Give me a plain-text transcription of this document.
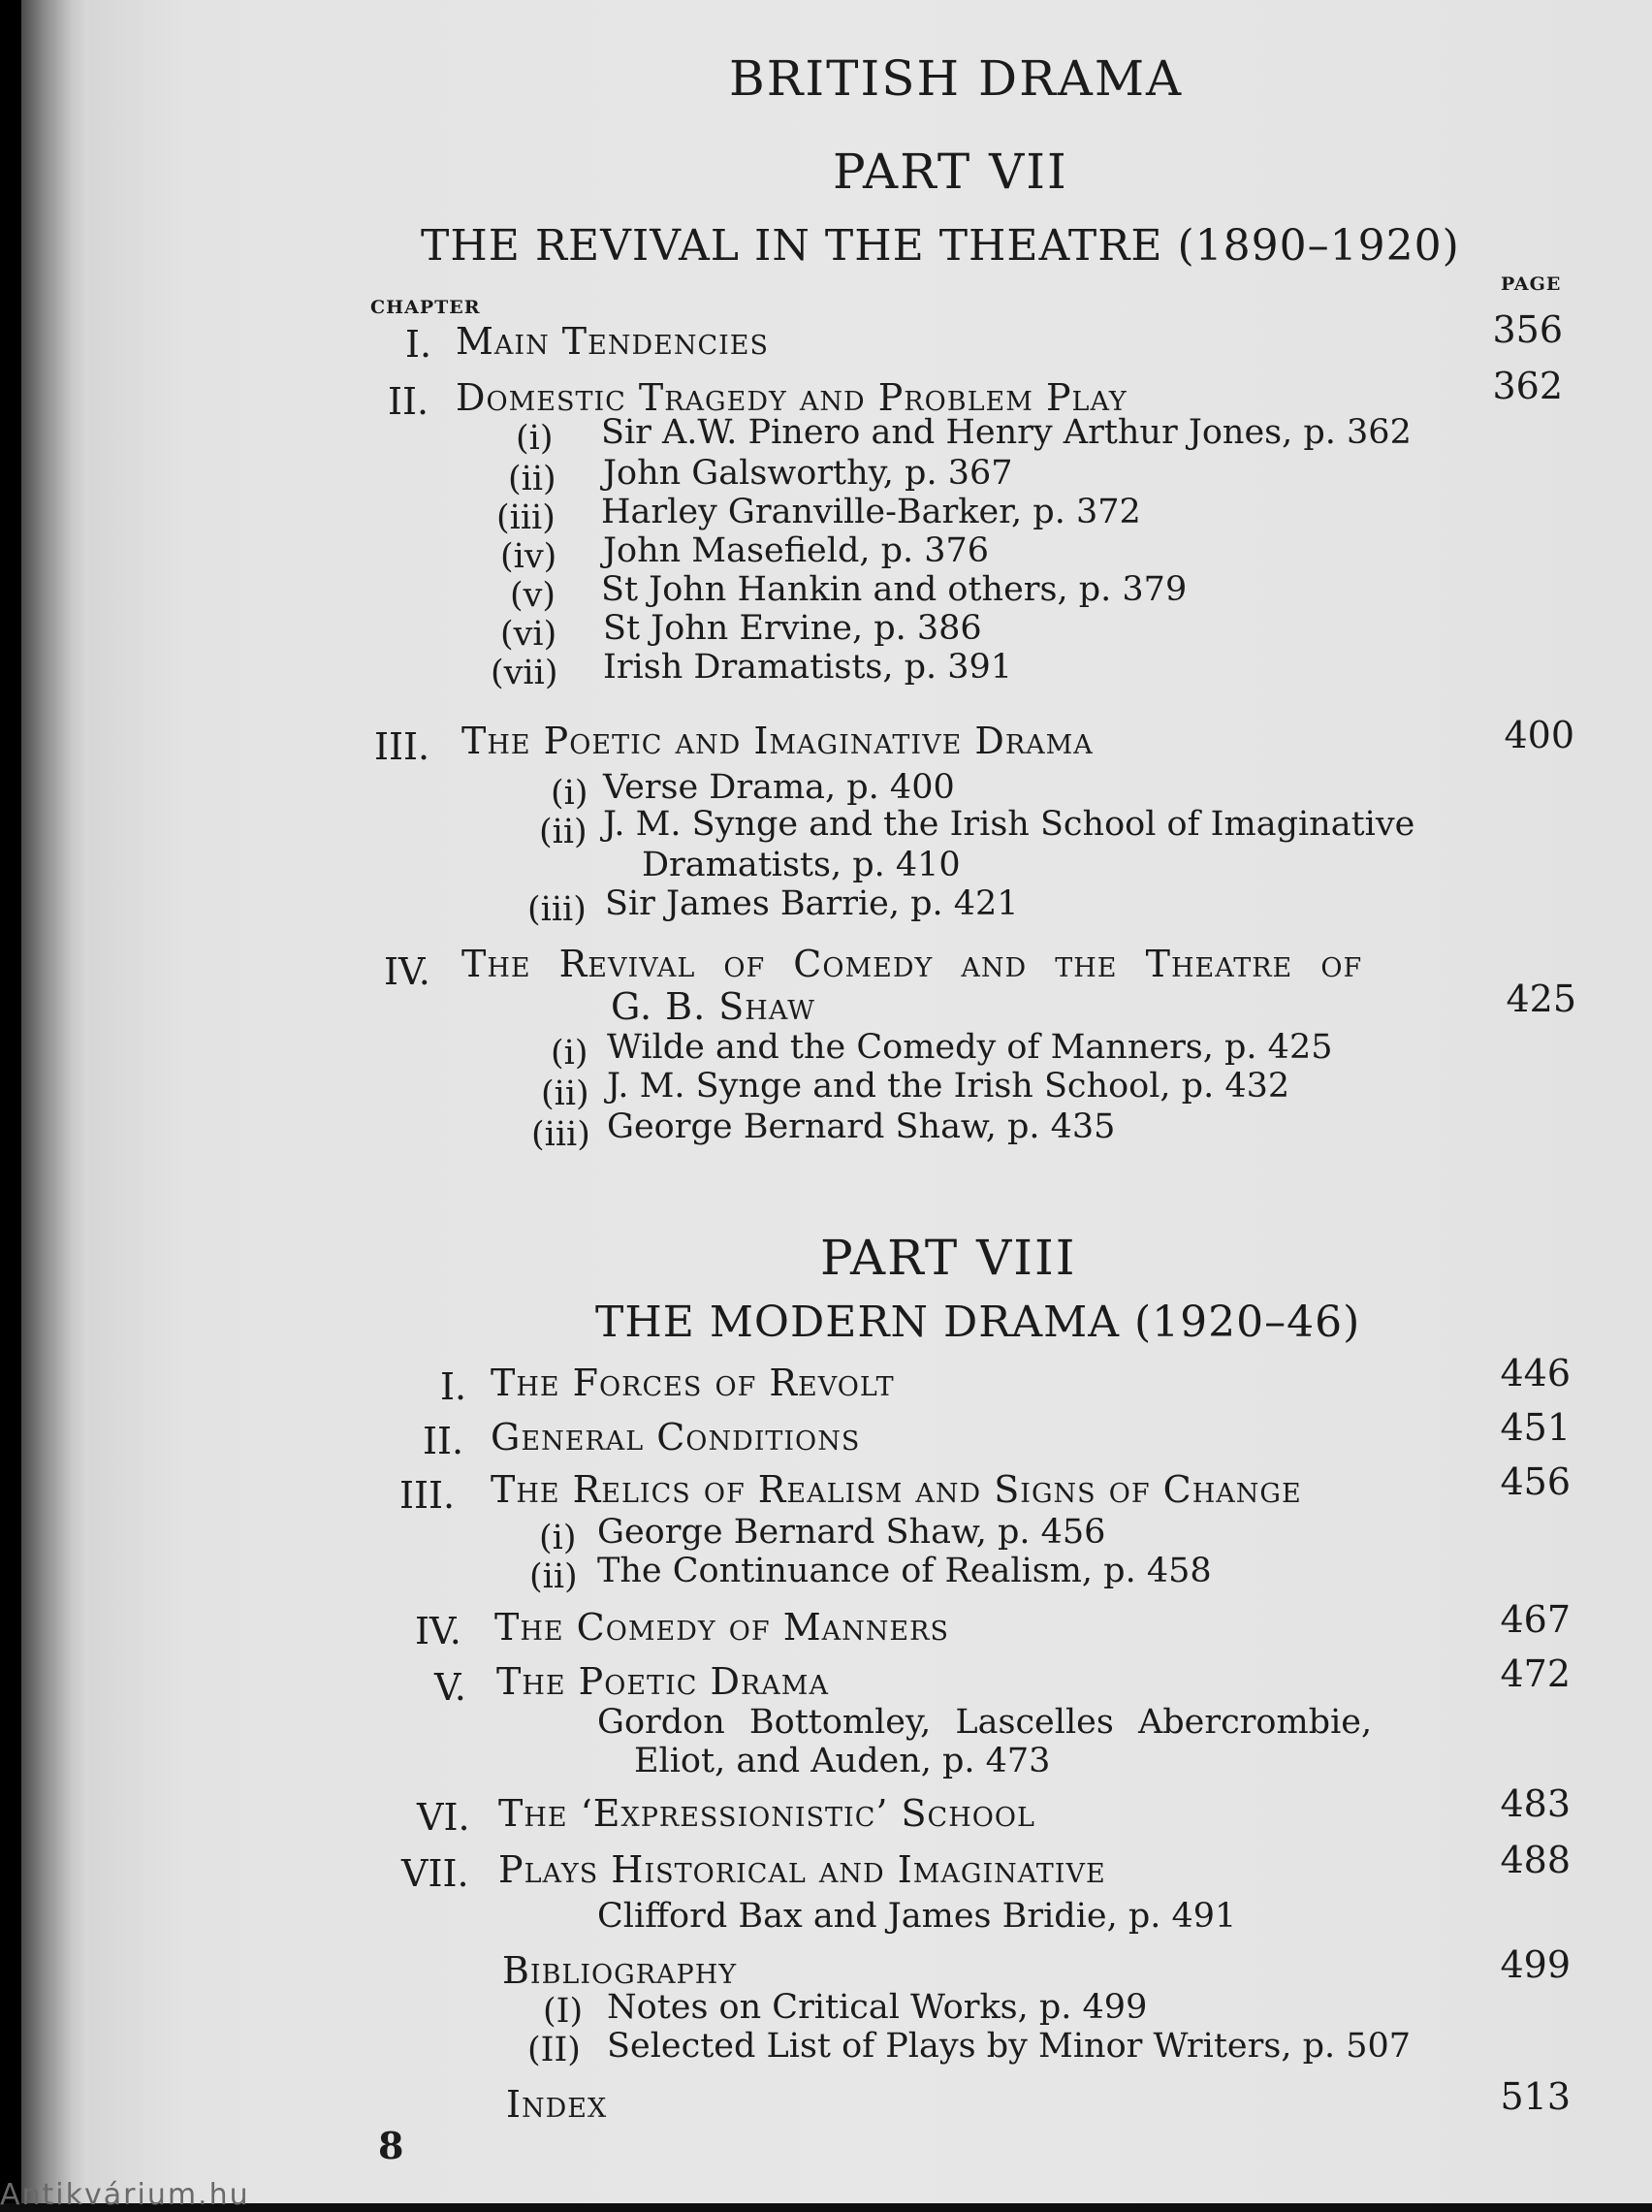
BRITISH DRAMA
PART VII
THE REVIVAL IN THE THEATRE (1890–1920)
CHAPTER
PAGE
I. Main Tendencies	356
II. Domestic Tragedy and Problem Play	362
(i) Sir A.W. Pinero and Henry Arthur Jones, p. 362
(ii) John Galsworthy, p. 367
(iii) Harley Granville-Barker, p. 372
(iv) John Masefield, p. 376
(v) St John Hankin and others, p. 379
(vi) St John Ervine, p. 386
(vii) Irish Dramatists, p. 391
III. The Poetic and Imaginative Drama	400
(i) Verse Drama, p. 400
(ii) J. M. Synge and the Irish School of Imaginative
Dramatists, p. 410
(iii) Sir James Barrie, p. 421
IV. The Revival of Comedy and the Theatre of
G. B. Shaw	425
(i) Wilde and the Comedy of Manners, p. 425
(ii) J. M. Synge and the Irish School, p. 432
(iii) George Bernard Shaw, p. 435
PART VIII
THE MODERN DRAMA (1920–46)
I. The Forces of Revolt	446
II. General Conditions	451
III. The Relics of Realism and Signs of Change	456
(i) George Bernard Shaw, p. 456
(ii) The Continuance of Realism, p. 458
IV. The Comedy of Manners	467
V. The Poetic Drama	472
Gordon Bottomley, Lascelles Abercrombie,
Eliot, and Auden, p. 473
VI. The ‘Expressionistic’ School	483
VII. Plays Historical and Imaginative	488
Clifford Bax and James Bridie, p. 491
Bibliography	499
(I) Notes on Critical Works, p. 499
(II) Selected List of Plays by Minor Writers, p. 507
Index	513
8
Antikvárium.hu
